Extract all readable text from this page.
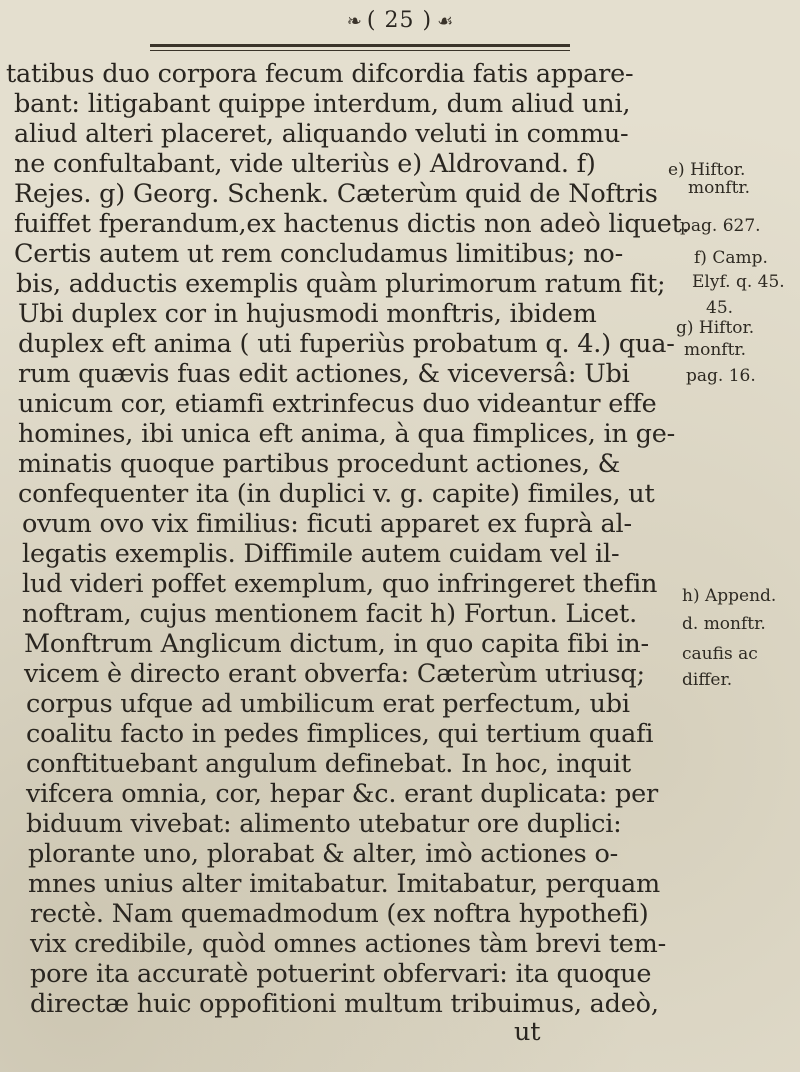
❧ ( 25 ) ☙
tatibus duo corpora fecum difcordia fatis appare-
bant: litigabant quippe interdum, dum aliud uni,
aliud alteri placeret, aliquando veluti in commu-
ne confultabant, vide ulteriùs e) Aldrovand. f)
Rejes. g) Georg. Schenk. Cæterùm quid de Noftris
fuiffet fperandum,ex hactenus dictis non adeò liquet.
Certis autem ut rem concludamus limitibus; no-
bis, adductis exemplis quàm plurimorum ratum fit;
Ubi duplex cor in hujusmodi monftris, ibidem
duplex eft anima ( uti fuperiùs probatum q. 4.) qua-
rum quævis fuas edit actiones, & viceversâ: Ubi
unicum cor, etiamfi extrinfecus duo videantur effe
homines, ibi unica eft anima, à qua fimplices, in ge-
minatis quoque partibus procedunt actiones, &
confequenter ita (in duplici v. g. capite) fimiles, ut
ovum ovo vix fimilius: ficuti apparet ex fuprà al-
legatis exemplis. Diffimile autem cuidam vel il-
lud videri poffet exemplum, quo infringeret thefin
noftram, cujus mentionem facit h) Fortun. Licet.
Monftrum Anglicum dictum, in quo capita fibi in-
vicem è directo erant obverfa: Cæterùm utriusq;
corpus ufque ad umbilicum erat perfectum, ubi
coalitu facto in pedes fimplices, qui tertium quafi
conftituebant angulum definebat. In hoc, inquit
vifcera omnia, cor, hepar &c. erant duplicata: per
biduum vivebat: alimento utebatur ore duplici:
plorante uno, plorabat & alter, imò actiones o-
mnes unius alter imitabatur. Imitabatur, perquam
rectè. Nam quemadmodum (ex noftra hypothefi)
vix credibile, quòd omnes actiones tàm brevi tem-
pore ita accuratè potuerint obfervari: ita quoque
directæ huic oppofitioni multum tribuimus, adeò,
ut
e) Hiftor.
monftr.
pag. 627.
f) Camp.
Elyf. q. 45.
45.
g) Hiftor.
monftr.
pag. 16.
h) Append.
d. monftr.
caufis ac
differ.
